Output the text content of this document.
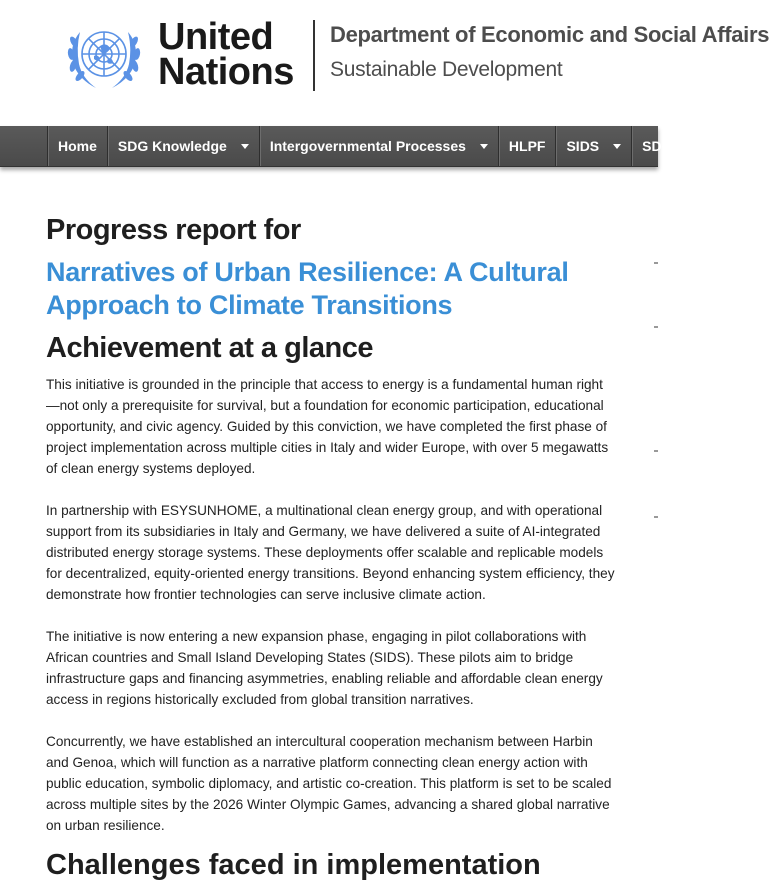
United
Nations
Department of Economic and Social Affairs
Sustainable Development
Home SDG Knowledge	Intergovernmental Processes	HLPF SIDS	SDG Actions
Progress report for
Narratives of Urban Resilience: A Cultural Approach to Climate Transitions
Achievement at a glance

This initiative is grounded in the principle that access to energy is a fundamental human right—not only a prerequisite for survival, but a foundation for economic participation, educational opportunity, and civic agency. Guided by this conviction, we have completed the first phase of project implementation across multiple cities in Italy and wider Europe, with over 5 megawatts of clean energy systems deployed.

In partnership with ESYSUNHOME, a multinational clean energy group, and with operational support from its subsidiaries in Italy and Germany, we have delivered a suite of AI-integrated distributed energy storage systems. These deployments offer scalable and replicable models for decentralized, equity-oriented energy transitions. Beyond enhancing system efficiency, they demonstrate how frontier technologies can serve inclusive climate action.

The initiative is now entering a new expansion phase, engaging in pilot collaborations with African countries and Small Island Developing States (SIDS). These pilots aim to bridge infrastructure gaps and financing asymmetries, enabling reliable and affordable clean energy access in regions historically excluded from global transition narratives.

Concurrently, we have established an intercultural cooperation mechanism between Harbin and Genoa, which will function as a narrative platform connecting clean energy action with public education, symbolic diplomacy, and artistic co-creation. This platform is set to be scaled across multiple sites by the 2026 Winter Olympic Games, advancing a shared global narrative on urban resilience.

Challenges faced in implementation
